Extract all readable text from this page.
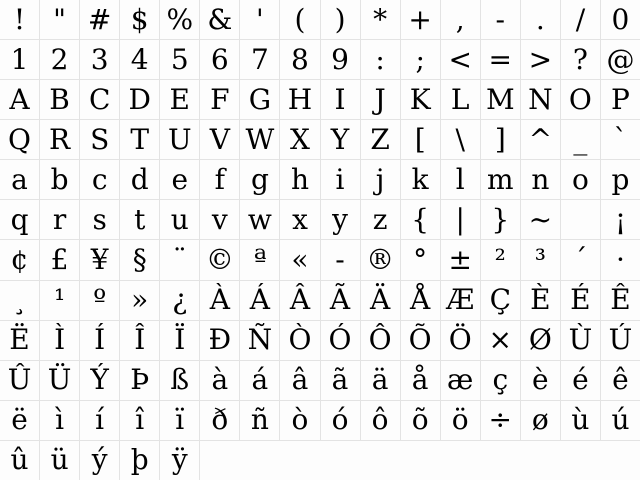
! " # $ % & ' ( ) * + , - . / 0
1 2 3 4 5 6 7 8 9 : ; < = > ? @
A B C D E F G H I J K L M N O P
Q R S T U V W X Y Z [ \ ] ^ _ `
a b c d e f g h i j k l m n o p
q r s t u v w x y z { | } ~ ¡
¢ £ ¥ § ¨ © ª « - ® ° ± ² ³ ´ ·
¸ ¹ º » ¿ À Á Â Ã Ä Å Æ Ç È É Ê
Ë Ì Í Î Ï Ð Ñ Ò Ó Ô Õ Ö × Ø Ù Ú
Û Ü Ý Þ ß à á â ã ä å æ ç è é ê
ë ì í î ï ð ñ ò ó ô õ ö ÷ ø ù ú
û ü ý þ ÿ
